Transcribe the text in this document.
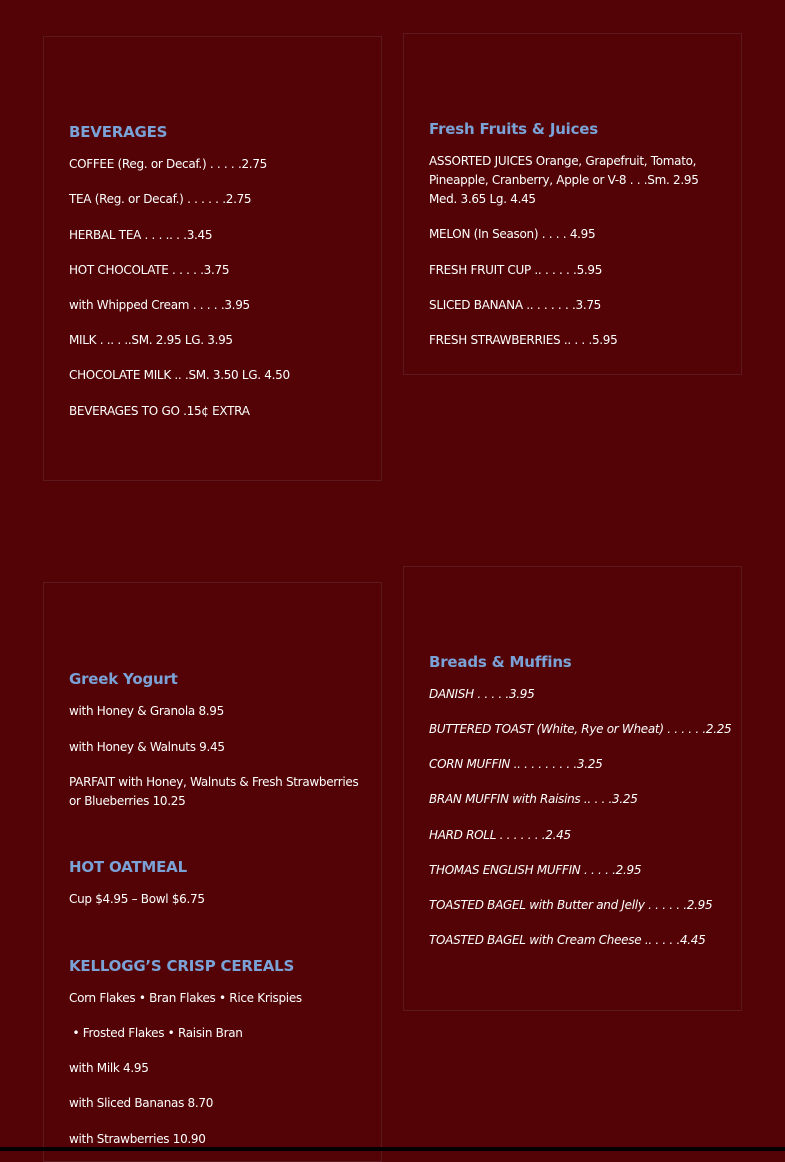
BEVERAGES
COFFEE (Reg. or Decaf.) . . . . .2.75
TEA (Reg. or Decaf.) . . . . . .2.75
HERBAL TEA . . . .. . .3.45
HOT CHOCOLATE . . . . .3.75
with Whipped Cream . . . . .3.95
MILK . .. . ..SM. 2.95 LG. 3.95
CHOCOLATE MILK .. .SM. 3.50 LG. 4.50
BEVERAGES TO GO .15¢ EXTRA
Fresh Fruits & Juices
ASSORTED JUICES Orange, Grapefruit, Tomato, Pineapple, Cranberry, Apple or V-8 . . .Sm. 2.95 Med. 3.65 Lg. 4.45
MELON (In Season) . . . . 4.95
FRESH FRUIT CUP .. . . . . .5.95
SLICED BANANA .. . . . . . .3.75
FRESH STRAWBERRIES .. . . .5.95
Greek Yogurt
with Honey & Granola 8.95
with Honey & Walnuts 9.45
PARFAIT with Honey, Walnuts & Fresh Strawberries or Blueberries 10.25
HOT OATMEAL
Cup $4.95 – Bowl $6.75
KELLOGG’S CRISP CEREALS
Corn Flakes • Bran Flakes • Rice Krispies
• Frosted Flakes • Raisin Bran
with Milk 4.95
with Sliced Bananas 8.70
with Strawberries 10.90
Breads & Muffins
DANISH . . . . .3.95
BUTTERED TOAST (White, Rye or Wheat) . . . . . .2.25
CORN MUFFIN .. . . . . . . . .3.25
BRAN MUFFIN with Raisins .. . . .3.25
HARD ROLL . . . . . . .2.45
THOMAS ENGLISH MUFFIN . . . . .2.95
TOASTED BAGEL with Butter and Jelly . . . . . .2.95
TOASTED BAGEL with Cream Cheese .. . . . .4.45
